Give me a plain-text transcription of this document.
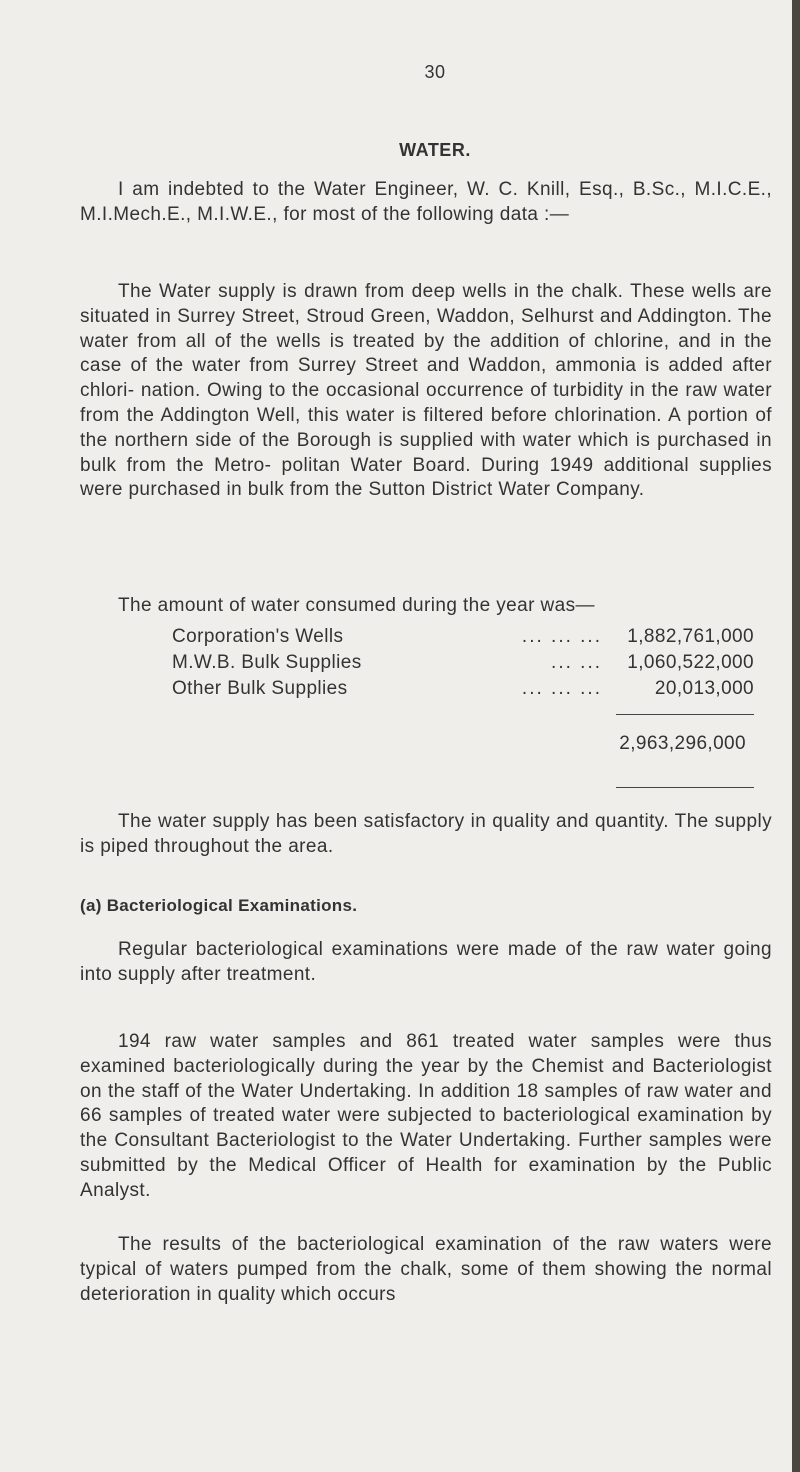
30
WATER.

I am indebted to the Water Engineer, W. C. Knill, Esq., B.Sc., M.I.C.E., M.I.Mech.E., M.I.W.E., for most of the following data :—

The Water supply is drawn from deep wells in the chalk. These wells are situated in Surrey Street, Stroud Green, Waddon, Selhurst and Addington. The water from all of the wells is treated by the addition of chlorine, and in the case of the water from Surrey Street and Waddon, ammonia is added after chlori- nation. Owing to the occasional occurrence of turbidity in the raw water from the Addington Well, this water is filtered before chlorination. A portion of the northern side of the Borough is supplied with water which is purchased in bulk from the Metro- politan Water Board. During 1949 additional supplies were purchased in bulk from the Sutton District Water Company.

The amount of water consumed during the year was—
Corporation's Wells	... ... ... 1,882,761,000
M.W.B. Bulk Supplies	... ... 1,060,522,000
Other Bulk Supplies	... ... ...	20,013,000
2,963,296,000

The water supply has been satisfactory in quality and quantity. The supply is piped throughout the area.

(a) Bacteriological Examinations.

Regular bacteriological examinations were made of the raw water going into supply after treatment.

194 raw water samples and 861 treated water samples were thus examined bacteriologically during the year by the Chemist and Bacteriologist on the staff of the Water Undertaking. In addition 18 samples of raw water and 66 samples of treated water were subjected to bacteriological examination by the Consultant Bacteriologist to the Water Undertaking. Further samples were submitted by the Medical Officer of Health for examination by the Public Analyst.

The results of the bacteriological examination of the raw waters were typical of waters pumped from the chalk, some of them showing the normal deterioration in quality which occurs
